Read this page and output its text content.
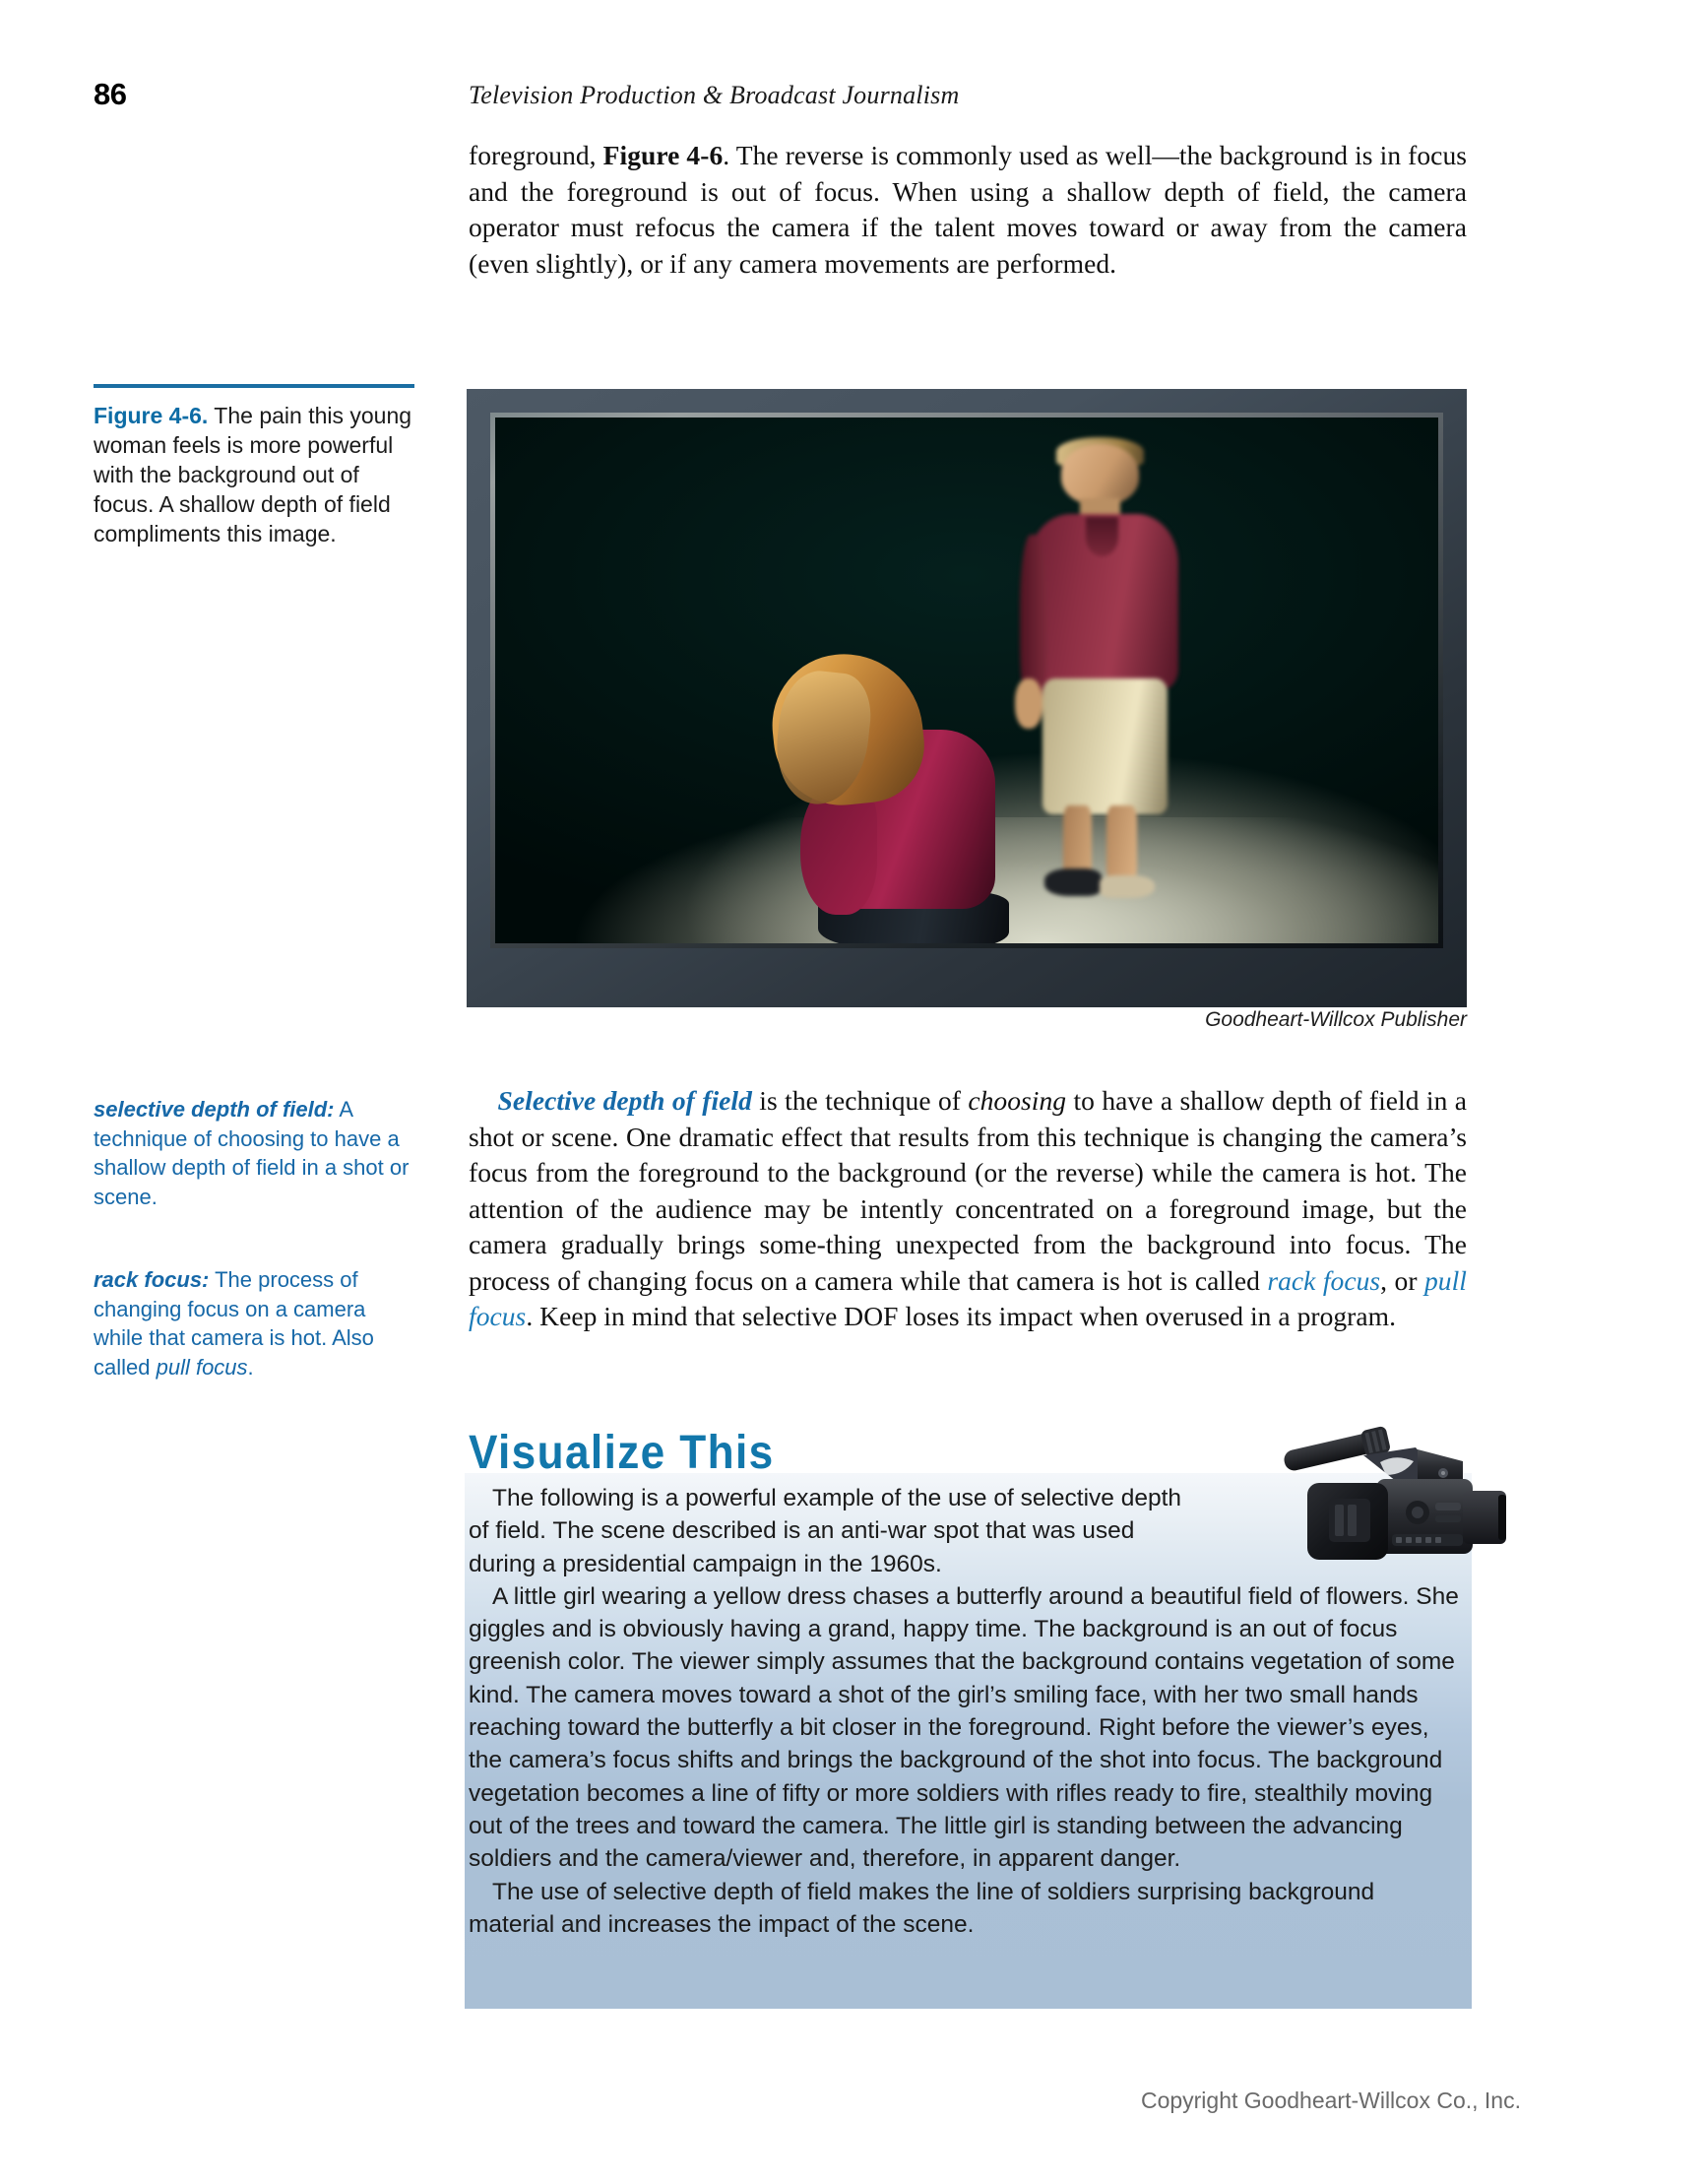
86	Television Production & Broadcast Journalism

foreground, Figure 4-6. The reverse is commonly used as well—the background is in focus and the foreground is out of focus. When using a shallow depth of field, the camera operator must refocus the camera if the talent moves toward or away from the camera (even slightly), or if any camera movements are performed.

Figure 4-6. The pain this young woman feels is more powerful with the background out of focus. A shallow depth of field compliments this image.
Goodheart-Willcox Publisher
selective depth of field: A technique of choosing to have a shallow depth of field in a shot or scene.
rack focus: The process of changing focus on a camera while that camera is hot. Also called pull focus.

Selective depth of field is the technique of choosing to have a shallow depth of field in a shot or scene. One dramatic effect that results from this technique is changing the camera’s focus from the foreground to the background (or the reverse) while the camera is hot. The attention of the audience may be intently concentrated on a foreground image, but the camera gradually brings some-thing unexpected from the background into focus. The process of changing focus on a camera while that camera is hot is called rack focus, or pull focus. Keep in mind that selective DOF loses its impact when overused in a program.

Visualize This

The following is a powerful example of the use of selective depth of field. The scene described is an anti-war spot that was used during a presidential campaign in the 1960s.

A little girl wearing a yellow dress chases a butterfly around a beautiful field of flowers. She giggles and is obviously having a grand, happy time. The background is an out of focus greenish color. The viewer simply assumes that the background contains vegetation of some kind. The camera moves toward a shot of the girl’s smiling face, with her two small hands reaching toward the butterfly a bit closer in the foreground. Right before the viewer’s eyes, the camera’s focus shifts and brings the background of the shot into focus. The background vegetation becomes a line of fifty or more soldiers with rifles ready to fire, stealthily moving out of the trees and toward the camera. The little girl is standing between the advancing soldiers and the camera/viewer and, therefore, in apparent danger.

The use of selective depth of field makes the line of soldiers surprising background material and increases the impact of the scene.

Copyright Goodheart-Willcox Co., Inc.
